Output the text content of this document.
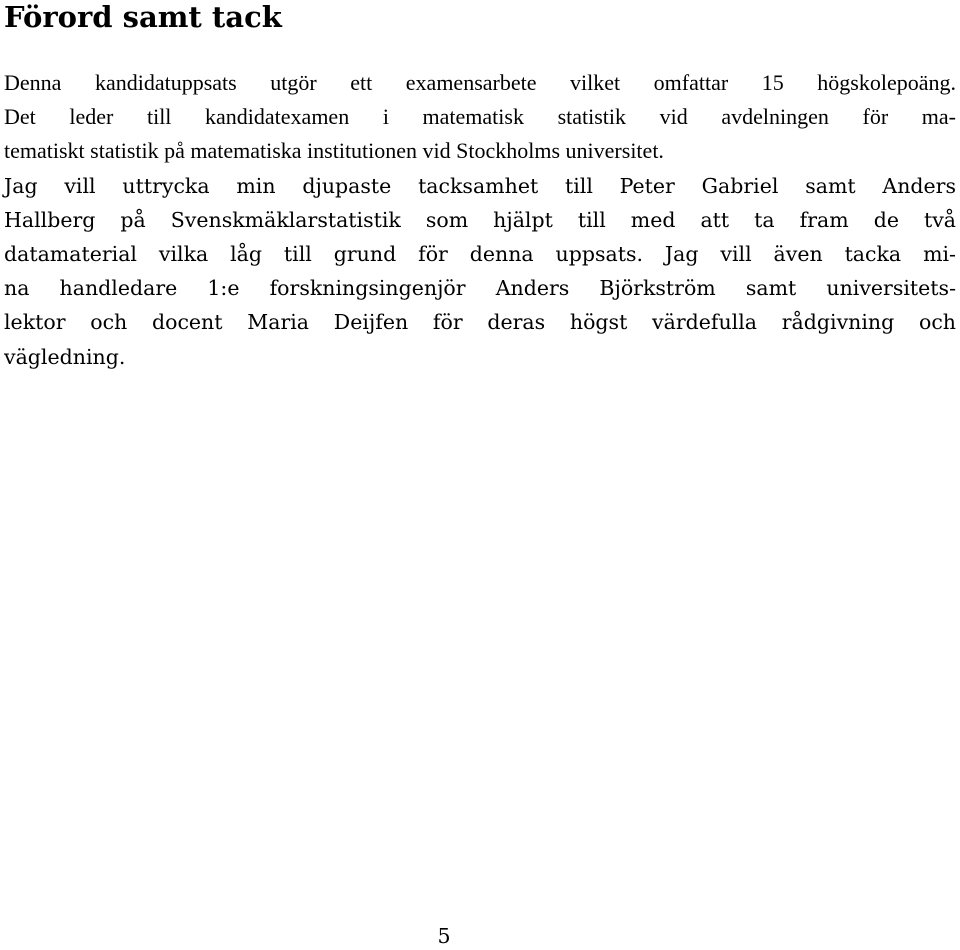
Förord samt tack
Denna kandidatuppsats utgör ett examensarbete vilket omfattar 15 högskolepoäng.
Det leder till kandidatexamen i matematisk statistik vid avdelningen för ma-
tematiskt statistik på matematiska institutionen vid Stockholms universitet.
Jag vill uttrycka min djupaste tacksamhet till Peter Gabriel samt Anders
Hallberg på Svenskmäklarstatistik som hjälpt till med att ta fram de två
datamaterial vilka låg till grund för denna uppsats. Jag vill även tacka mi-
na handledare 1:e forskningsingenjör Anders Björkström samt universitets-
lektor och docent Maria Deijfen för deras högst värdefulla rådgivning och
vägledning.
5
